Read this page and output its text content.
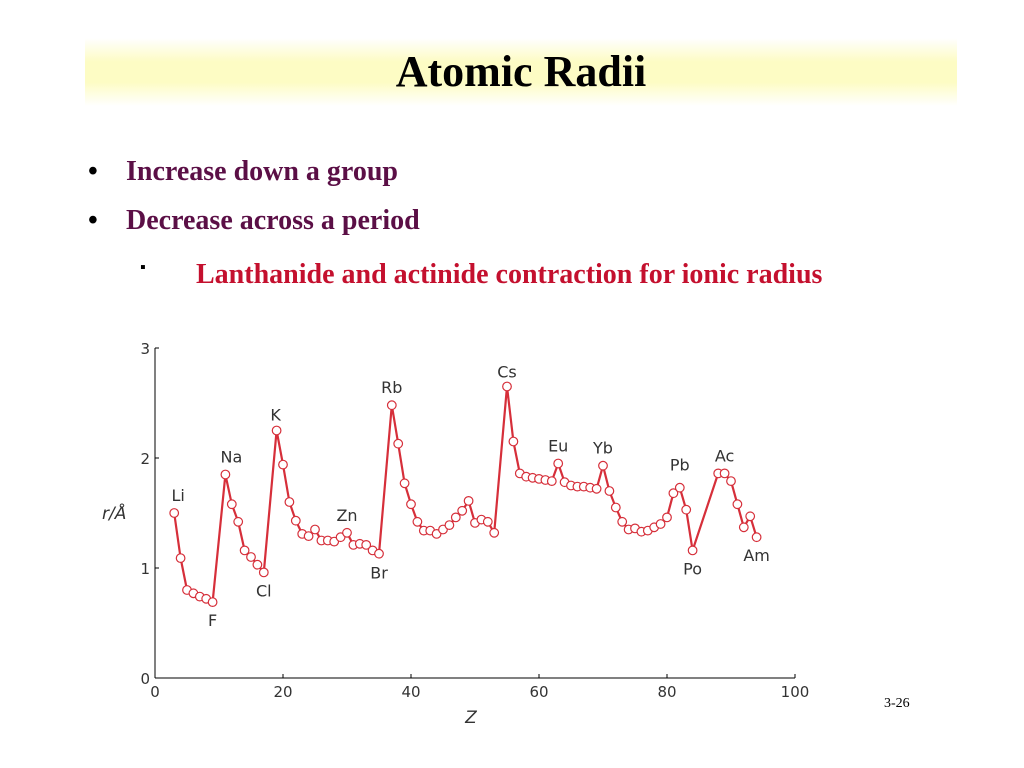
Atomic Radii
• Increase down a group
• Decrease across a period
▪ Lanthanide and actinide contraction for ionic radius
0	20	40	60	80	100
0
1
2
3
Z
r/Å
Li
F
Na
Cl
K
Zn
Br
Rb
Cs
Eu Yb
Pb
Po
Ac
Am
3-26
